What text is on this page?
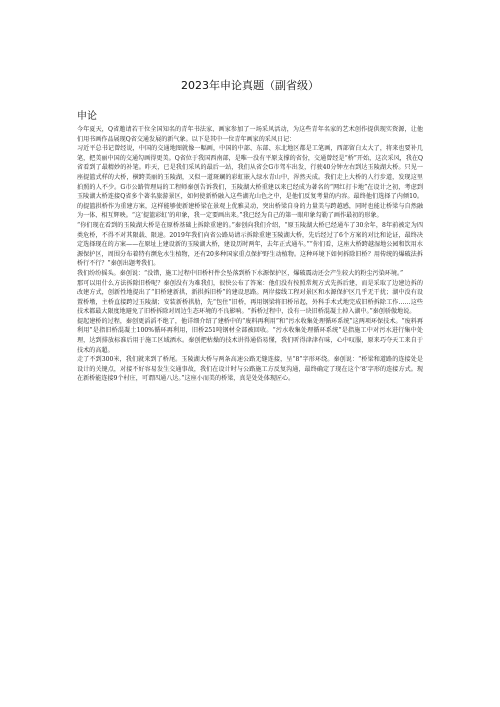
2023年申论真题（副省级）
申论

今年夏天，Q省邀请若干位全国知名的青年书法家、画家参加了一场采风活动，为这些青年名家的艺术创作提供现实资源，让他们用书画作品展现Q省交通发展的新气象。以下是其中一位青年画家的采风日记：

习近平总书记曾经说，中国的交通地图就像一幅画，中国的中部、东部、东北地区都是工笔画，西部留白太大了，将来也要补几笔，把美丽中国的交通勾画得更美。Q省位于我国西南部，是唯一没有平原支撑的省份，交通曾经是“桥”开始，这次采风，我在Q省看到了最精妙的补笔。昨天，已是我们采风的最后一站，我们从省会G市驾车出发，行驶40分钟左右到达玉陵湖大桥。只见一座提篮式样的大桥，横跨美丽的玉陵湖，又似一道斑斓的彩虹嵌入绿水青山中，浑然天成。我们走上大桥的人行步道，发现这里拍照的人不少。G市公路管理局的工程师秦创告诉我们，玉陵湖大桥重建以来已经成为著名的“网红打卡地”在设计之初，考虑到玉陵湖大桥连接Q省多个著名旅游景区，如何使新桥融入这些湖光山色之中，是他们反复考量的内容。最终他们选择了内倾10。的提篮拱桥作为重建方案，这样能够使新建桥梁在景观上优雅灵动，突出桥梁自身的力量美与跨越感，同时也能让桥梁与自然融为一体、相互辉映。“这‘提篮彩虹’的印象，我一定要画出来。”我已经为自己的第一眼印象勾勒了画作最初的形象。

“你们现在看到的玉陵湖大桥是在原桥基础上拆除重建的。”秦创向我们介绍，“原玉陵湖大桥已经通车了30余年，8年前被定为四类危桥，不得不对其限载、限速。2019年我们向省公路局请示拆除重建玉陵湖大桥，先后经过了6个方案的对比和论证，最终决定选择现在的方案——在原址上建设新的玉陵湖大桥，建设历时两年，去年正式通车。”“你们看，这座大桥跨越湿地公园和饮用水源保护区，周围分布着特有濒危水生植物，还有20多种国家重点保护野生动植物。这种环境下如何拆除旧桥？用传统的爆破法拆桥行不行？”秦创出题考我们。

我们纷纷摇头。秦创说：“没错，施工过程中旧桥杆件会坠落到桥下水源保护区，爆破震动还会产生较大的粉尘污染环境。”

那可以用什么方法拆除旧桥呢？秦创没有为难我们，很快公布了答案：他们没有按照常规方式先拆后建，而是采取了边建边拆的改建方式，创新性地提出了“旧桥建新拱，新拱拆旧桥”的建设思路。两岸接线工程对景区和水源保护区几乎无干扰；湖中没有设置桥墩，主桥直接跨过玉陵湖；安装新桥拱肋，先“包住”旧桥，再用钢梁将旧桥吊起，外科手术式地完成旧桥拆除工作……这些技术都最大限度地避免了旧桥拆除对周边生态环境的不良影响。“拆桥过程中，没有一块旧桥混凝土掉入湖中。”秦创骄傲地说。

提起建桥的过程，秦创更滔滔不绝了，他详细介绍了建桥中的“废料再利用”和“污水收集处理循环系统”这两项环保技术。“废料再利用”是指旧桥混凝土100%循环再利用，旧桥251吨钢材全部被回收。“污水收集处理循环系统”是指施工中对污水进行集中处理，达到排放标准后用于施工区域洒水。秦创把枯燥的技术讲得通俗易懂，我们听得津津有味，心中叹服，原来巧夺天工来自于技术的高超。

走了不到300米，我们就来到了桥尾。玉陵湖大桥与两条高速公路无缝连接，呈“8”字形环绕。秦创说：“桥梁和道路的连接处是设计的关键点，对接不好容易发生交通事故，我们在设计时与公路施工方反复沟通，最终确定了现在这个‘8’字形的连接方式。现在新桥能连接9个村庄，可谓四通八达。”这座小而美的桥梁，真是处处体现匠心。
